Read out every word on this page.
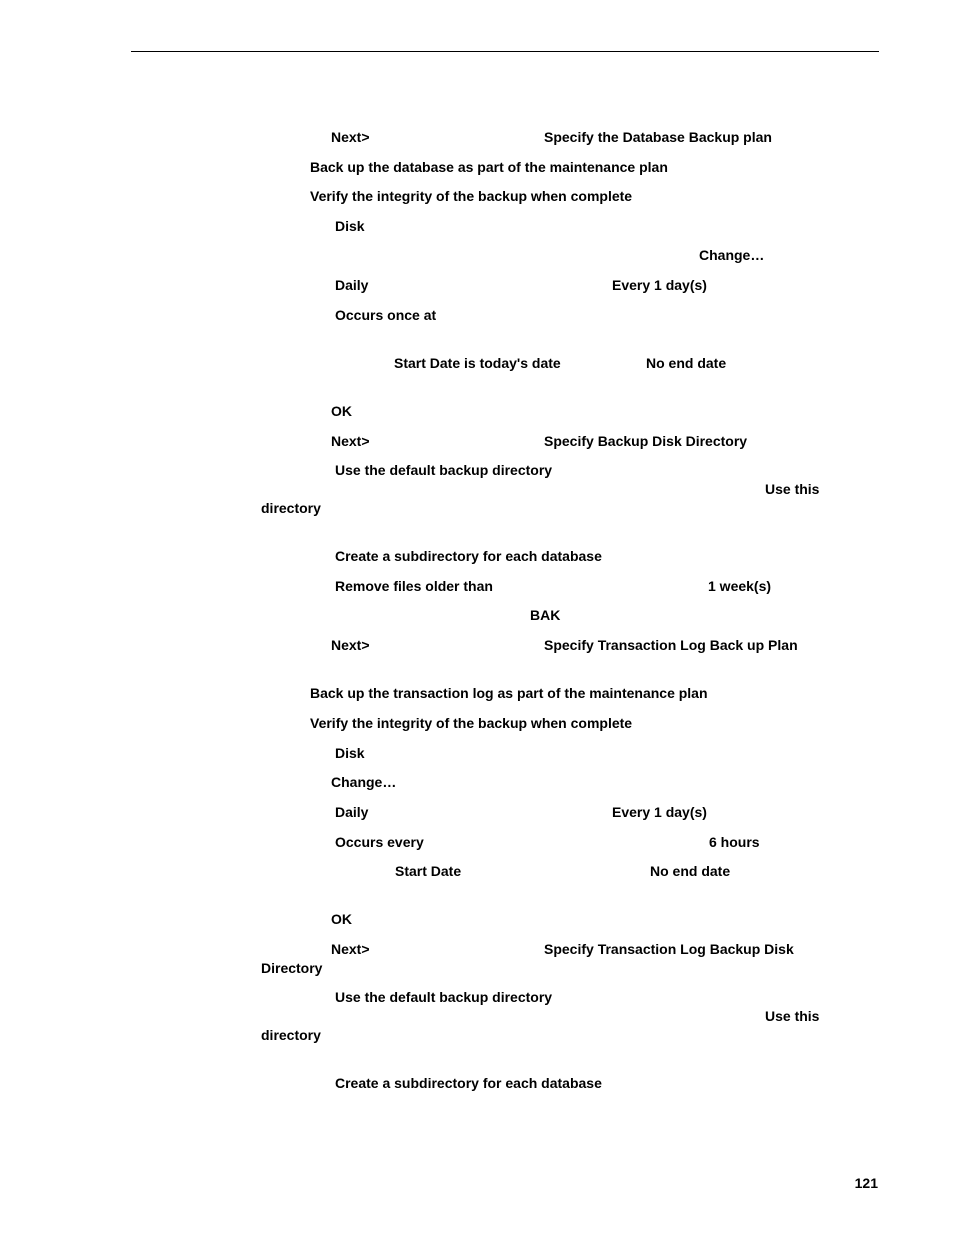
Next>	Specify the Database Backup plan
Back up the database as part of the maintenance plan
Verify the integrity of the backup when complete
Disk
Change…
Daily	Every 1 day(s)
Occurs once at
Start Date is today's date	No end date
OK
Next>	Specify Backup Disk Directory
Use the default backup directory
Use this
directory
Create a subdirectory for each database
Remove files older than	1 week(s)
BAK
Next>	Specify Transaction Log Back up Plan
Back up the transaction log as part of the maintenance plan
Verify the integrity of the backup when complete
Disk
Change…
Daily	Every 1 day(s)
Occurs every	6 hours
Start Date	No end date
OK
Next>	Specify Transaction Log Backup Disk
Directory
Use the default backup directory
Use this
directory
Create a subdirectory for each database
121
